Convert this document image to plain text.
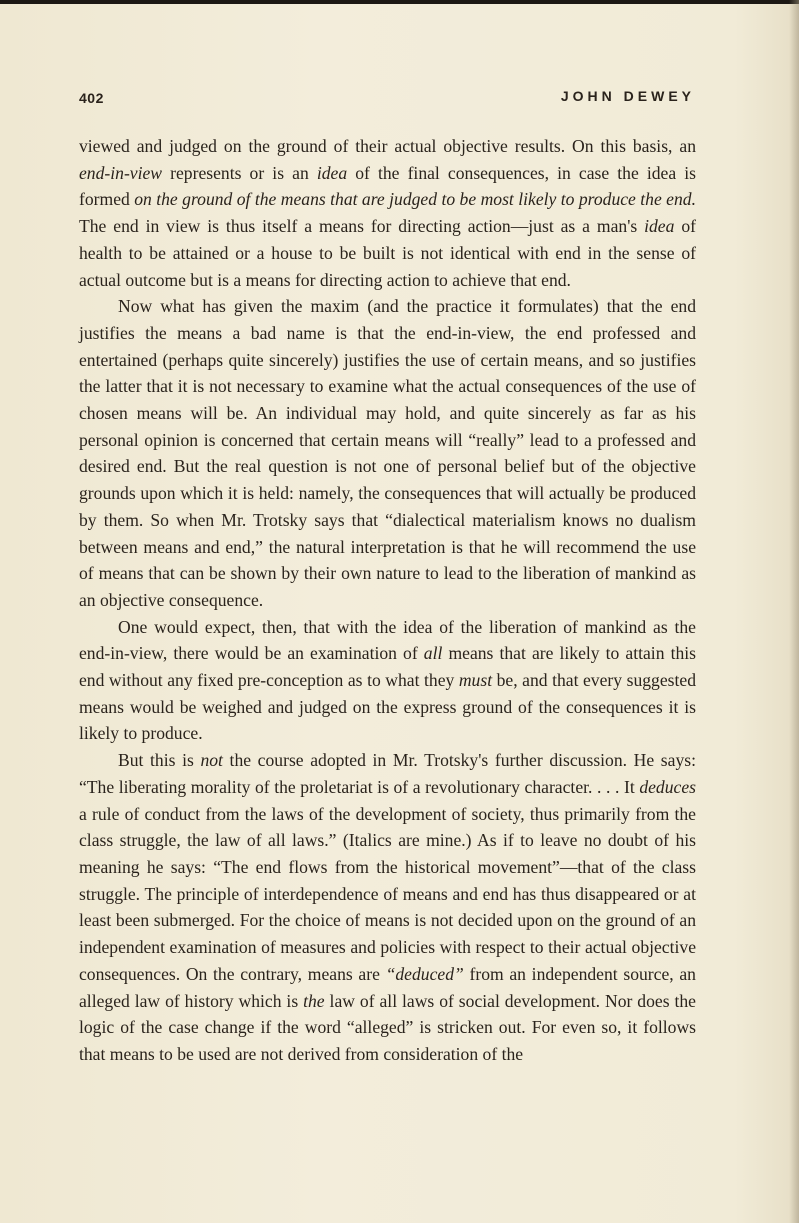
402	JOHN DEWEY

viewed and judged on the ground of their actual objective results. On this basis, an end-in-view represents or is an idea of the final consequences, in case the idea is formed on the ground of the means that are judged to be most likely to produce the end. The end in view is thus itself a means for directing action—just as a man's idea of health to be attained or a house to be built is not identical with end in the sense of actual outcome but is a means for directing action to achieve that end.

Now what has given the maxim (and the practice it formulates) that the end justifies the means a bad name is that the end-in-view, the end professed and entertained (perhaps quite sincerely) justifies the use of certain means, and so justifies the latter that it is not necessary to examine what the actual consequences of the use of chosen means will be. An individual may hold, and quite sincerely as far as his personal opinion is concerned that certain means will “really” lead to a professed and desired end. But the real question is not one of personal belief but of the objective grounds upon which it is held: namely, the consequences that will actually be produced by them. So when Mr. Trotsky says that “dialectical materialism knows no dualism between means and end,” the natural interpretation is that he will recommend the use of means that can be shown by their own nature to lead to the liberation of mankind as an objective consequence.

One would expect, then, that with the idea of the liberation of mankind as the end-in-view, there would be an examination of all means that are likely to attain this end without any fixed pre-conception as to what they must be, and that every suggested means would be weighed and judged on the express ground of the consequences it is likely to produce.

But this is not the course adopted in Mr. Trotsky's further discussion. He says: “The liberating morality of the proletariat is of a revolutionary character. . . . It deduces a rule of conduct from the laws of the development of society, thus primarily from the class struggle, the law of all laws.” (Italics are mine.) As if to leave no doubt of his meaning he says: “The end flows from the historical movement”—that of the class struggle. The principle of interdependence of means and end has thus disappeared or at least been submerged. For the choice of means is not decided upon on the ground of an independent examination of measures and policies with respect to their actual objective consequences. On the contrary, means are “deduced” from an independent source, an alleged law of history which is the law of all laws of social development. Nor does the logic of the case change if the word “alleged” is stricken out. For even so, it follows that means to be used are not derived from consideration of the
